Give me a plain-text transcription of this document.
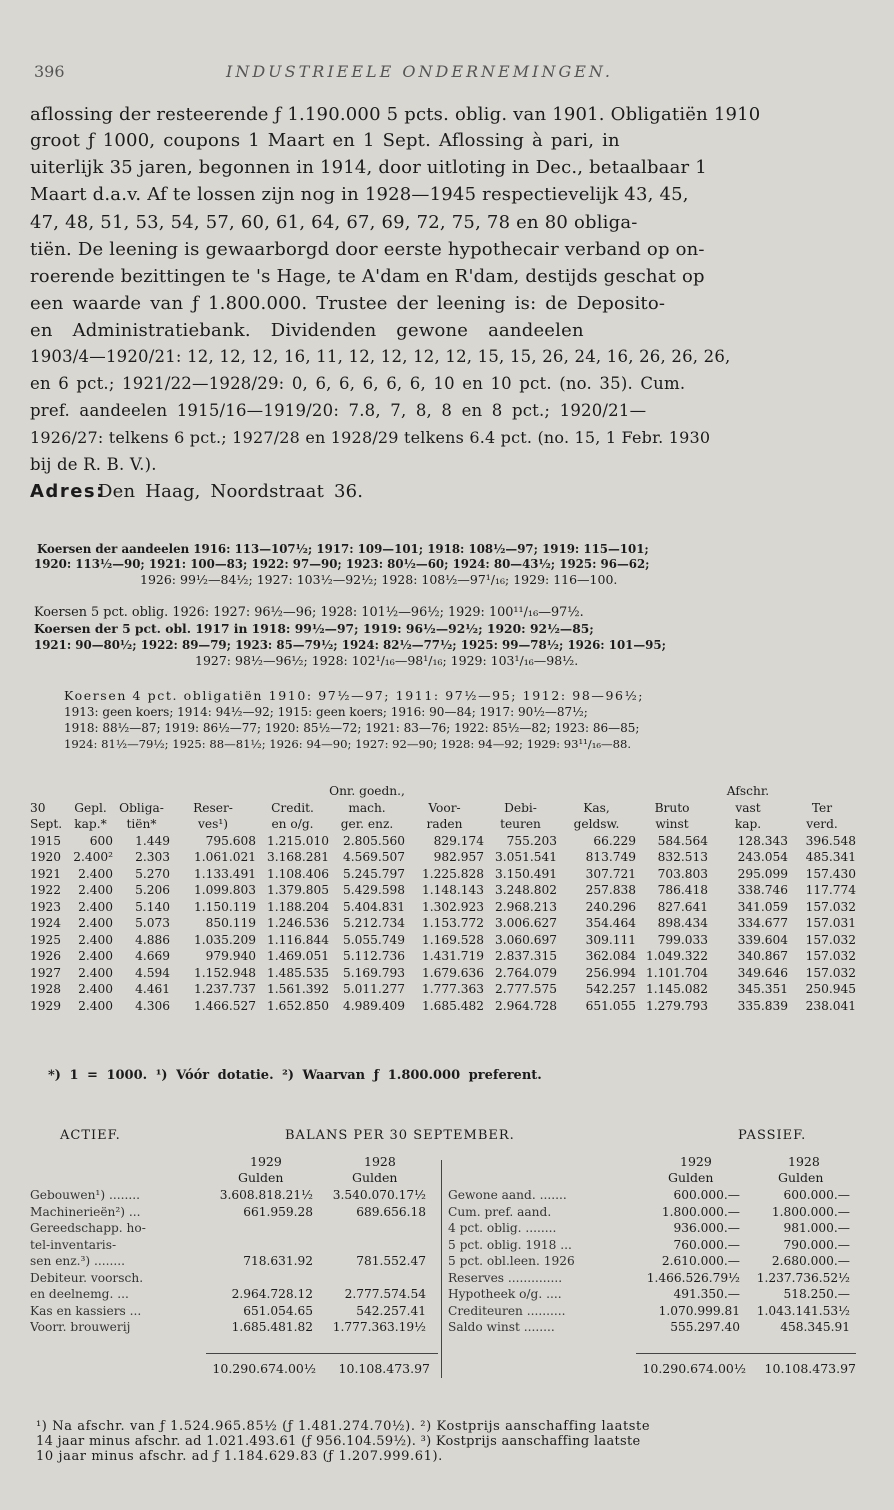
396	INDUSTRIEELE ONDERNEMINGEN.
aflossing der resteerende ƒ 1.190.000 5 pcts. oblig. van 1901. Obligatiën 1910
groot ƒ 1000, coupons 1 Maart en 1 Sept. Aflossing à pari, in
uiterlijk 35 jaren, begonnen in 1914, door uitloting in Dec., betaalbaar 1
Maart d.a.v. Af te lossen zijn nog in 1928—1945 respectievelijk 43, 45,
47, 48, 51, 53, 54, 57, 60, 61, 64, 67, 69, 72, 75, 78 en 80 obliga-
tiën. De leening is gewaarborgd door eerste hypothecair verband op on-
roerende bezittingen te 's Hage, te A'dam en R'dam, destijds geschat op
een waarde van ƒ 1.800.000. Trustee der leening is: de Deposito-
en Administratiebank. Dividenden gewone aandeelen
1903/4—1920/21: 12, 12, 12, 16, 11, 12, 12, 12, 12, 15, 15, 26, 24, 16, 26, 26, 26,
en 6 pct.; 1921/22—1928/29: 0, 6, 6, 6, 6, 6, 10 en 10 pct. (no. 35). Cum.
pref. aandeelen 1915/16—1919/20: 7.8, 7, 8, 8 en 8 pct.; 1920/21—
1926/27: telkens 6 pct.; 1927/28 en 1928/29 telkens 6.4 pct. (no. 15, 1 Febr. 1930
bij de R. B. V.).
Adres:
Den Haag, Noordstraat 36.
Koersen der aandeelen 1916: 113—107½; 1917: 109—101; 1918: 108½—97; 1919: 115—101;
1920: 113½—90; 1921: 100—83; 1922: 97—90; 1923: 80½—60; 1924: 80—43½; 1925: 96—62;
1926: 99½—84½; 1927: 103½—92½; 1928: 108½—97¹/₁₆; 1929: 116—100.
Koersen 5 pct. oblig. 1926: 1927: 96½—96; 1928: 101½—96½; 1929: 100¹¹/₁₆—97½.
Koersen der 5 pct. obl. 1917 in 1918: 99½—97; 1919: 96½—92½; 1920: 92½—85;
1921: 90—80½; 1922: 89—79; 1923: 85—79½; 1924: 82½—77½; 1925: 99—78½; 1926: 101—95;
1927: 98½—96½; 1928: 102¹/₁₆—98¹/₁₆; 1929: 103¹/₁₆—98½.
Koersen 4 pct. obligatiën 1910: 97½—97; 1911: 97½—95; 1912: 98—96½;
1913: geen koers; 1914: 94½—92; 1915: geen koers; 1916: 90—84; 1917: 90½—87½;
1918: 88½—87; 1919: 86½—77; 1920: 85½—72; 1921: 83—76; 1922: 85½—82; 1923: 86—85;
1924: 81½—79½; 1925: 88—81½; 1926: 94—90; 1927: 92—90; 1928: 94—92; 1929: 93¹¹/₁₆—88.
					Onr. goedn.,					Afschr.	
30	Gepl.	Obliga-	Reser-	Credit.	mach.	Voor-	Debi-	Kas,	Bruto	vast	Ter
Sept.	kap.*	tiën*	ves¹)	en o/g.	ger. enz.	raden	teuren	geldsw.	winst	kap.	verd.
1915	600	1.449	795.608	1.215.010	2.805.560	829.174	755.203	66.229	584.564	128.343	396.548
1920	2.400²	2.303	1.061.021	3.168.281	4.569.507	982.957	3.051.541	813.749	832.513	243.054	485.341
1921	2.400	5.270	1.133.491	1.108.406	5.245.797	1.225.828	3.150.491	307.721	703.803	295.099	157.430
1922	2.400	5.206	1.099.803	1.379.805	5.429.598	1.148.143	3.248.802	257.838	786.418	338.746	117.774
1923	2.400	5.140	1.150.119	1.188.204	5.404.831	1.302.923	2.968.213	240.296	827.641	341.059	157.032
1924	2.400	5.073	850.119	1.246.536	5.212.734	1.153.772	3.006.627	354.464	898.434	334.677	157.031
1925	2.400	4.886	1.035.209	1.116.844	5.055.749	1.169.528	3.060.697	309.111	799.033	339.604	157.032
1926	2.400	4.669	979.940	1.469.051	5.112.736	1.431.719	2.837.315	362.084	1.049.322	340.867	157.032
1927	2.400	4.594	1.152.948	1.485.535	5.169.793	1.679.636	2.764.079	256.994	1.101.704	349.646	157.032
1928	2.400	4.461	1.237.737	1.561.392	5.011.277	1.777.363	2.777.575	542.257	1.145.082	345.351	250.945
1929	2.400	4.306	1.466.527	1.652.850	4.989.409	1.685.482	2.964.728	651.055	1.279.793	335.839	238.041
*) 1 = 1000. ¹) Vóór dotatie. ²) Waarvan ƒ 1.800.000 preferent.
ACTIEF.	BALANS PER 30 SEPTEMBER.	PASSIEF.
1929	1928
Gulden	Gulden
1929	1928
Gulden	Gulden
Gebouwen¹) ........	3.608.818.21½	3.540.070.17½
Machinerieën²) ...	661.959.28	689.656.18
Gereedschapp. ho-
tel-inventaris-
sen enz.³) ........	718.631.92	781.552.47
Debiteur. voorsch.
en deelnemg. ...	2.964.728.12	2.777.574.54
Kas en kassiers ...	651.054.65	542.257.41
Voorr. brouwerij	1.685.481.82	1.777.363.19½
Gewone aand. .......	600.000.—	600.000.—
Cum. pref. aand.	1.800.000.—	1.800.000.—
4 pct. oblig. ........	936.000.—	981.000.—
5 pct. oblig. 1918 ...	760.000.—	790.000.—
5 pct. obl.leen. 1926	2.610.000.—	2.680.000.—
Reserves ..............	1.466.526.79½	1.237.736.52½
Hypotheek o/g. ....	491.350.—	518.250.—
Crediteuren ..........	1.070.999.81	1.043.141.53½
Saldo winst ........	555.297.40	458.345.91
10.290.674.00½	10.108.473.97	10.290.674.00½	10.108.473.97
¹) Na afschr. van ƒ 1.524.965.85½ (ƒ 1.481.274.70½). ²) Kostprijs aanschaffing laatste
14 jaar minus afschr. ad 1.021.493.61 (ƒ 956.104.59½). ³) Kostprijs aanschaffing laatste
10 jaar minus afschr. ad ƒ 1.184.629.83 (ƒ 1.207.999.61).
